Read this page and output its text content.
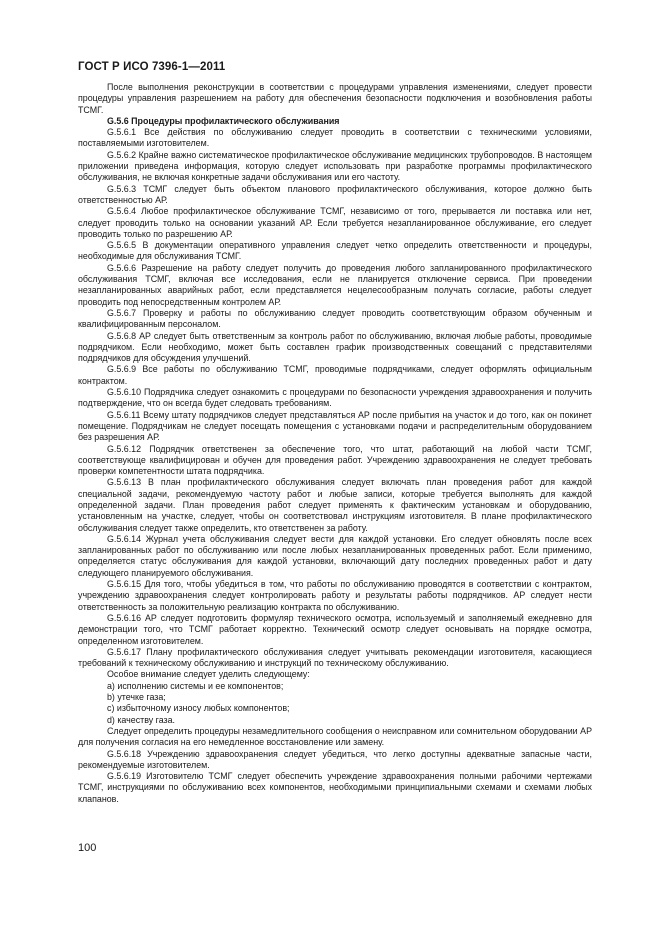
ГОСТ Р ИСО 7396-1—2011

После выполнения реконструкции в соответствии с процедурами управления изменениями, следует провести процедуры управления разрешением на работу для обеспечения безопасности подключения и возобновления работы ТСМГ.

G.5.6 Процедуры профилактического обслуживания

G.5.6.1 Все действия по обслуживанию следует проводить в соответствии с техническими условиями, поставляемыми изготовителем.

G.5.6.2 Крайне важно систематическое профилактическое обслуживание медицинских трубопроводов. В настоящем приложении приведена информация, которую следует использовать при разработке программы профилактического обслуживания, не включая конкретные задачи обслуживания или его частоту.

G.5.6.3 ТСМГ следует быть объектом планового профилактического обслуживания, которое должно быть ответственностью АР.

G.5.6.4 Любое профилактическое обслуживание ТСМГ, независимо от того, прерывается ли поставка или нет, следует проводить только на основании указаний АР. Если требуется незапланированное обслуживание, его следует проводить только по разрешению АР.

G.5.6.5 В документации оперативного управления следует четко определить ответственности и процедуры, необходимые для обслуживания ТСМГ.

G.5.6.6 Разрешение на работу следует получить до проведения любого запланированного профилактического обслуживания ТСМГ, включая все исследования, если не планируется отключение сервиса. При проведении незапланированных аварийных работ, если представляется нецелесообразным получать согласие, работы следует проводить под непосредственным контролем АР.

G.5.6.7 Проверку и работы по обслуживанию следует проводить соответствующим образом обученным и квалифицированным персоналом.

G.5.6.8 АР следует быть ответственным за контроль работ по обслуживанию, включая любые работы, проводимые подрядчиком. Если необходимо, может быть составлен график производственных совещаний с представителями подрядчиков для обсуждения улучшений.

G.5.6.9 Все работы по обслуживанию ТСМГ, проводимые подрядчиками, следует оформлять официальным контрактом.

G.5.6.10 Подрядчика следует ознакомить с процедурами по безопасности учреждения здравоохранения и получить подтверждение, что он всегда будет следовать требованиям.

G.5.6.11 Всему штату подрядчиков следует представляться АР после прибытия на участок и до того, как он покинет помещение. Подрядчикам не следует посещать помещения с установками подачи и распределительным оборудованием без разрешения АР.

G.5.6.12 Подрядчик ответственен за обеспечение того, что штат, работающий на любой части ТСМГ, соответствующе квалифицирован и обучен для проведения работ. Учреждению здравоохранения не следует требовать проверки компетентности штата подрядчика.

G.5.6.13 В план профилактического обслуживания следует включать план проведения работ для каждой специальной задачи, рекомендуемую частоту работ и любые записи, которые требуется выполнять для каждой определенной задачи. План проведения работ следует применять к фактическим установкам и оборудованию, установленным на участке, следует, чтобы он соответствовал инструкциям изготовителя. В плане профилактического обслуживания следует также определить, кто ответственен за работу.

G.5.6.14 Журнал учета обслуживания следует вести для каждой установки. Его следует обновлять после всех запланированных работ по обслуживанию или после любых незапланированных проведенных работ. Если применимо, определяется статус обслуживания для каждой установки, включающий дату последних проведенных работ и дату следующего планируемого обслуживания.

G.5.6.15 Для того, чтобы убедиться в том, что работы по обслуживанию проводятся в соответствии с контрактом, учреждению здравоохранения следует контролировать работу и результаты работы подрядчиков. АР следует нести ответственность за положительную реализацию контракта по обслуживанию.

G.5.6.16 АР следует подготовить формуляр технического осмотра, используемый и заполняемый ежедневно для демонстрации того, что ТСМГ работает корректно. Технический осмотр следует основывать на порядке осмотра, определенном изготовителем.

G.5.6.17 Плану профилактического обслуживания следует учитывать рекомендации изготовителя, касающиеся требований к техническому обслуживанию и инструкций по техническому обслуживанию.

Особое внимание следует уделить следующему:

a) исполнению системы и ее компонентов;

b) утечке газа;

c) избыточному износу любых компонентов;

d) качеству газа.

Следует определить процедуры незамедлительного сообщения о неисправном или сомнительном оборудовании АР для получения согласия на его немедленное восстановление или замену.

G.5.6.18 Учреждению здравоохранения следует убедиться, что легко доступны адекватные запасные части, рекомендуемые изготовителем.

G.5.6.19 Изготовителю ТСМГ следует обеспечить учреждение здравоохранения полными рабочими чертежами ТСМГ, инструкциями по обслуживанию всех компонентов, необходимыми принципиальными схемами и схемами любых клапанов.

100
